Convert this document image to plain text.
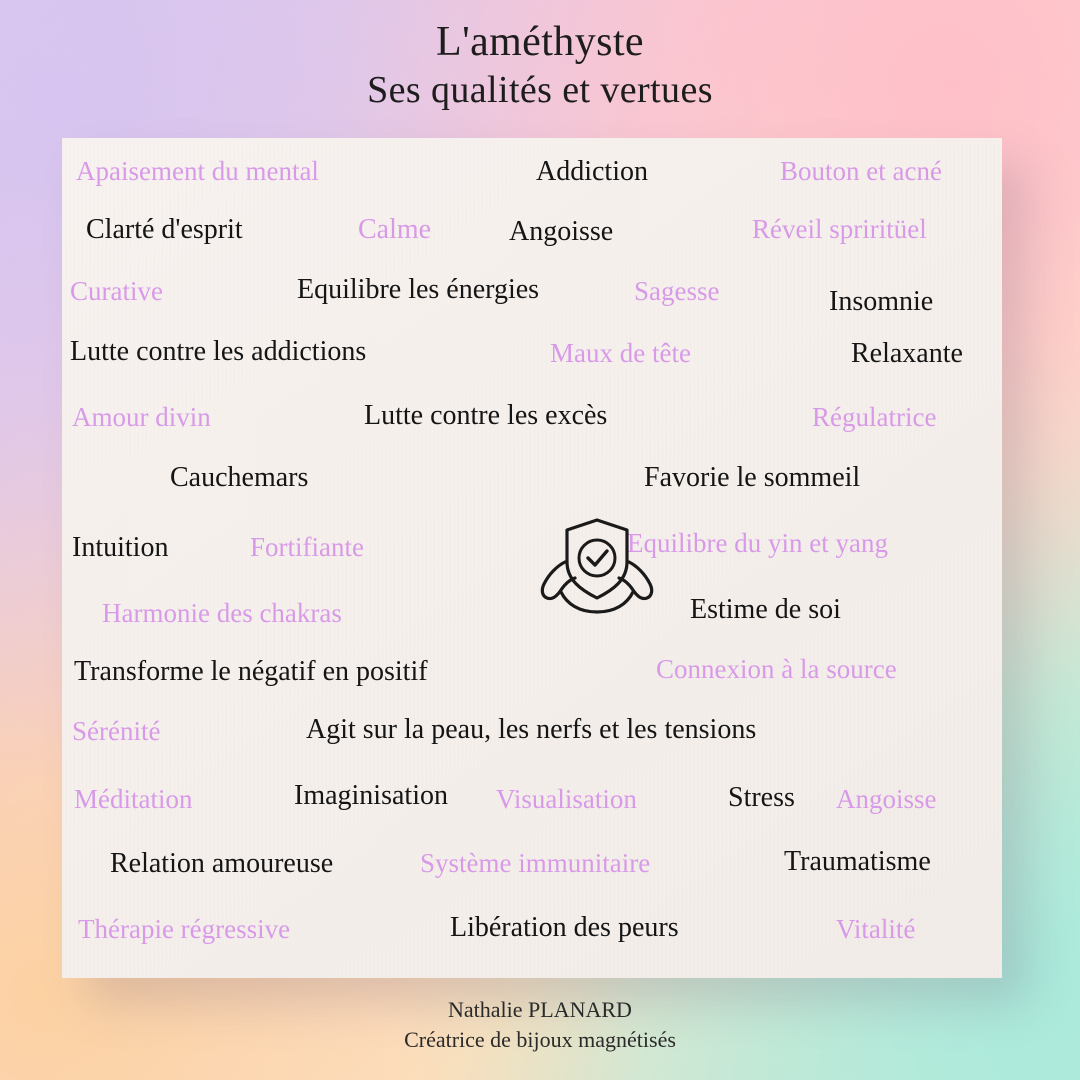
L'améthyste
Ses qualités et vertues
Apaisement du mental	Addiction	Bouton et acné
Clarté d'esprit	Calme	Angoisse	Réveil spriritüel
Curative	Equilibre les énergies	Sagesse	Insomnie
Lutte contre les addictions	Maux de tête	Relaxante
Amour divin	Lutte contre les excès	Régulatrice
Cauchemars	Favorie le sommeil
Intuition	Fortifiante	Equilibre du yin et yang
Harmonie des chakras	Estime de soi
Transforme le négatif en positif	Connexion à la source
Sérénité	Agit sur la peau, les nerfs et les tensions
Méditation	Imaginisation Visualisation	Stress Angoisse
Relation amoureuse	Système immunitaire	Traumatisme
Thérapie régressive	Libération des peurs	Vitalité
Nathalie PLANARD
Créatrice de bijoux magnétisés
